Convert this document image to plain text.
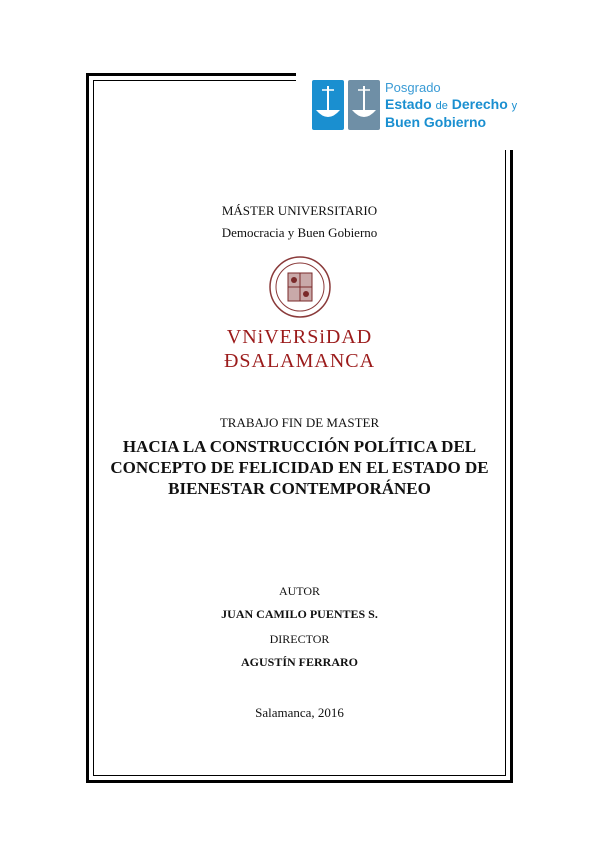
Posgrado
Estado de Derecho y
Buen Gobierno
MÁSTER UNIVERSITARIO
Democracia y Buen Gobierno
VNiVERSiDAD
ÐSALAMANCA
TRABAJO FIN DE MASTER
HACIA LA CONSTRUCCIÓN POLÍTICA DEL
CONCEPTO DE FELICIDAD EN EL ESTADO DE
BIENESTAR CONTEMPORÁNEO
AUTOR
JUAN CAMILO PUENTES S.
DIRECTOR
AGUSTÍN FERRARO
Salamanca, 2016
